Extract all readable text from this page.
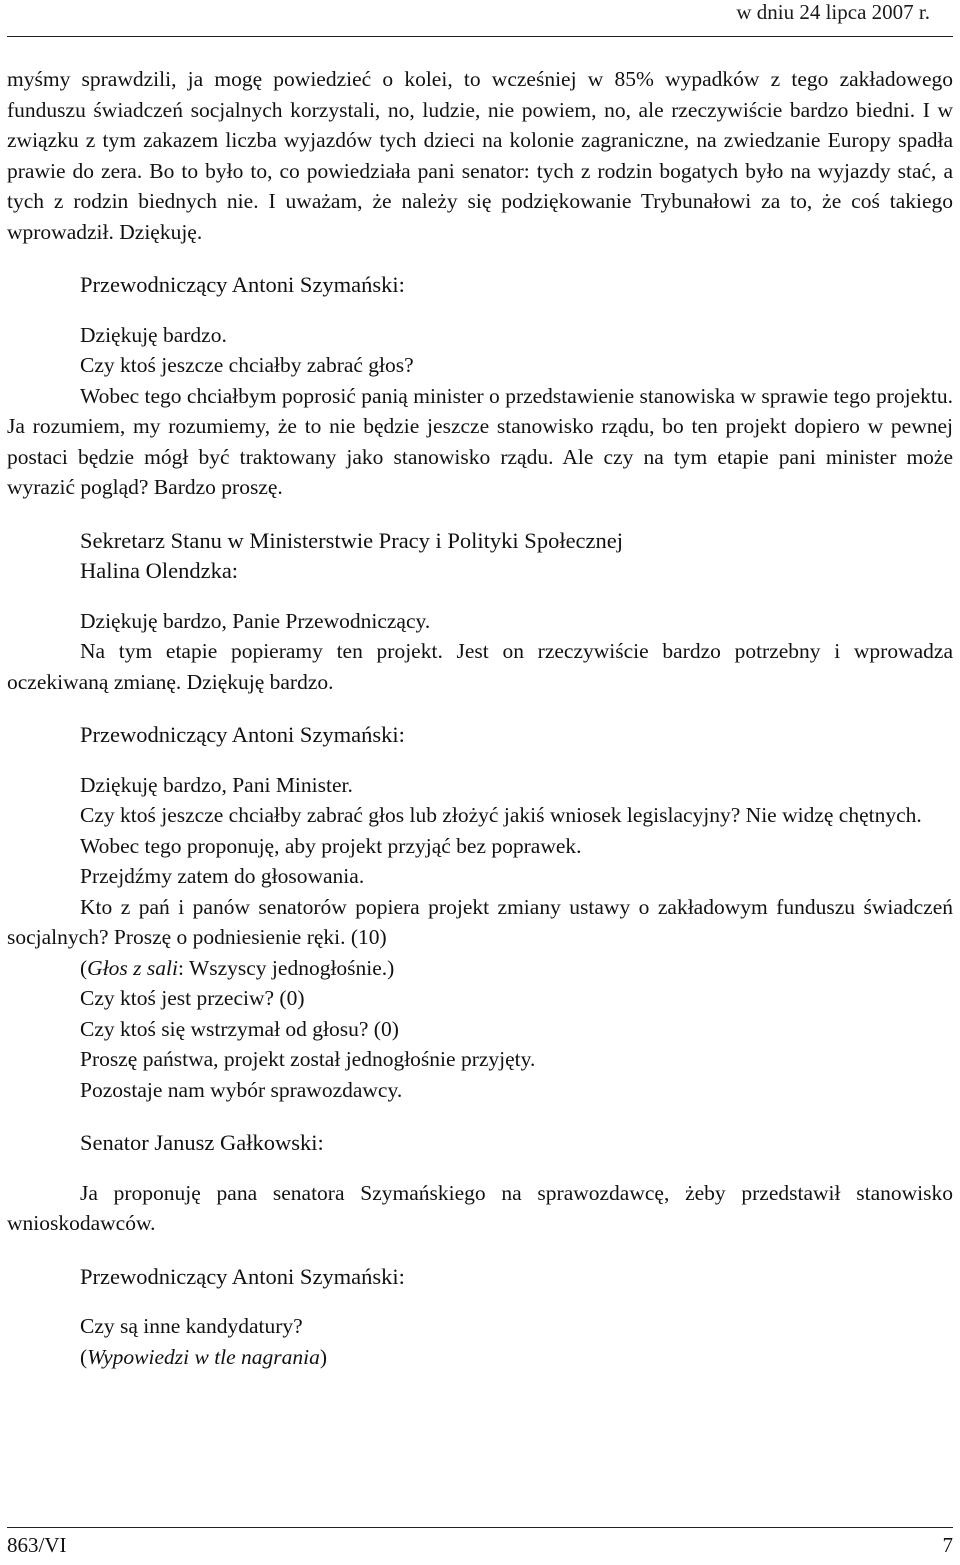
w dniu 24 lipca 2007 r.

myśmy sprawdzili, ja mogę powiedzieć o kolei, to wcześniej w 85% wypadków z tego zakładowego funduszu świadczeń socjalnych korzystali, no, ludzie, nie powiem, no, ale rzeczywiście bardzo biedni. I w związku z tym zakazem liczba wyjazdów tych dzieci na kolonie zagraniczne, na zwiedzanie Europy spadła prawie do zera. Bo to było to, co powiedziała pani senator: tych z rodzin bogatych było na wyjazdy stać, a tych z rodzin biednych nie. I uważam, że należy się podziękowanie Trybunałowi za to, że coś takiego wprowadził. Dziękuję.

Przewodniczący Antoni Szymański:

Dziękuję bardzo.

Czy ktoś jeszcze chciałby zabrać głos?

Wobec tego chciałbym poprosić panią minister o przedstawienie stanowiska w sprawie tego projektu. Ja rozumiem, my rozumiemy, że to nie będzie jeszcze stanowisko rządu, bo ten projekt dopiero w pewnej postaci będzie mógł być traktowany jako stanowisko rządu. Ale czy na tym etapie pani minister może wyrazić pogląd? Bardzo proszę.

Sekretarz Stanu w Ministerstwie Pracy i Polityki Społecznej

Halina Olendzka:

Dziękuję bardzo, Panie Przewodniczący.

Na tym etapie popieramy ten projekt. Jest on rzeczywiście bardzo potrzebny i wprowadza oczekiwaną zmianę. Dziękuję bardzo.

Przewodniczący Antoni Szymański:

Dziękuję bardzo, Pani Minister.

Czy ktoś jeszcze chciałby zabrać głos lub złożyć jakiś wniosek legislacyjny? Nie widzę chętnych.

Wobec tego proponuję, aby projekt przyjąć bez poprawek.

Przejdźmy zatem do głosowania.

Kto z pań i panów senatorów popiera projekt zmiany ustawy o zakładowym funduszu świadczeń socjalnych? Proszę o podniesienie ręki. (10)

(Głos z sali: Wszyscy jednogłośnie.)

Czy ktoś jest przeciw? (0)

Czy ktoś się wstrzymał od głosu? (0)

Proszę państwa, projekt został jednogłośnie przyjęty.

Pozostaje nam wybór sprawozdawcy.

Senator Janusz Gałkowski:

Ja proponuję pana senatora Szymańskiego na sprawozdawcę, żeby przedstawił stanowisko wnioskodawców.

Przewodniczący Antoni Szymański:

Czy są inne kandydatury?

(Wypowiedzi w tle nagrania)

863/VI	7
